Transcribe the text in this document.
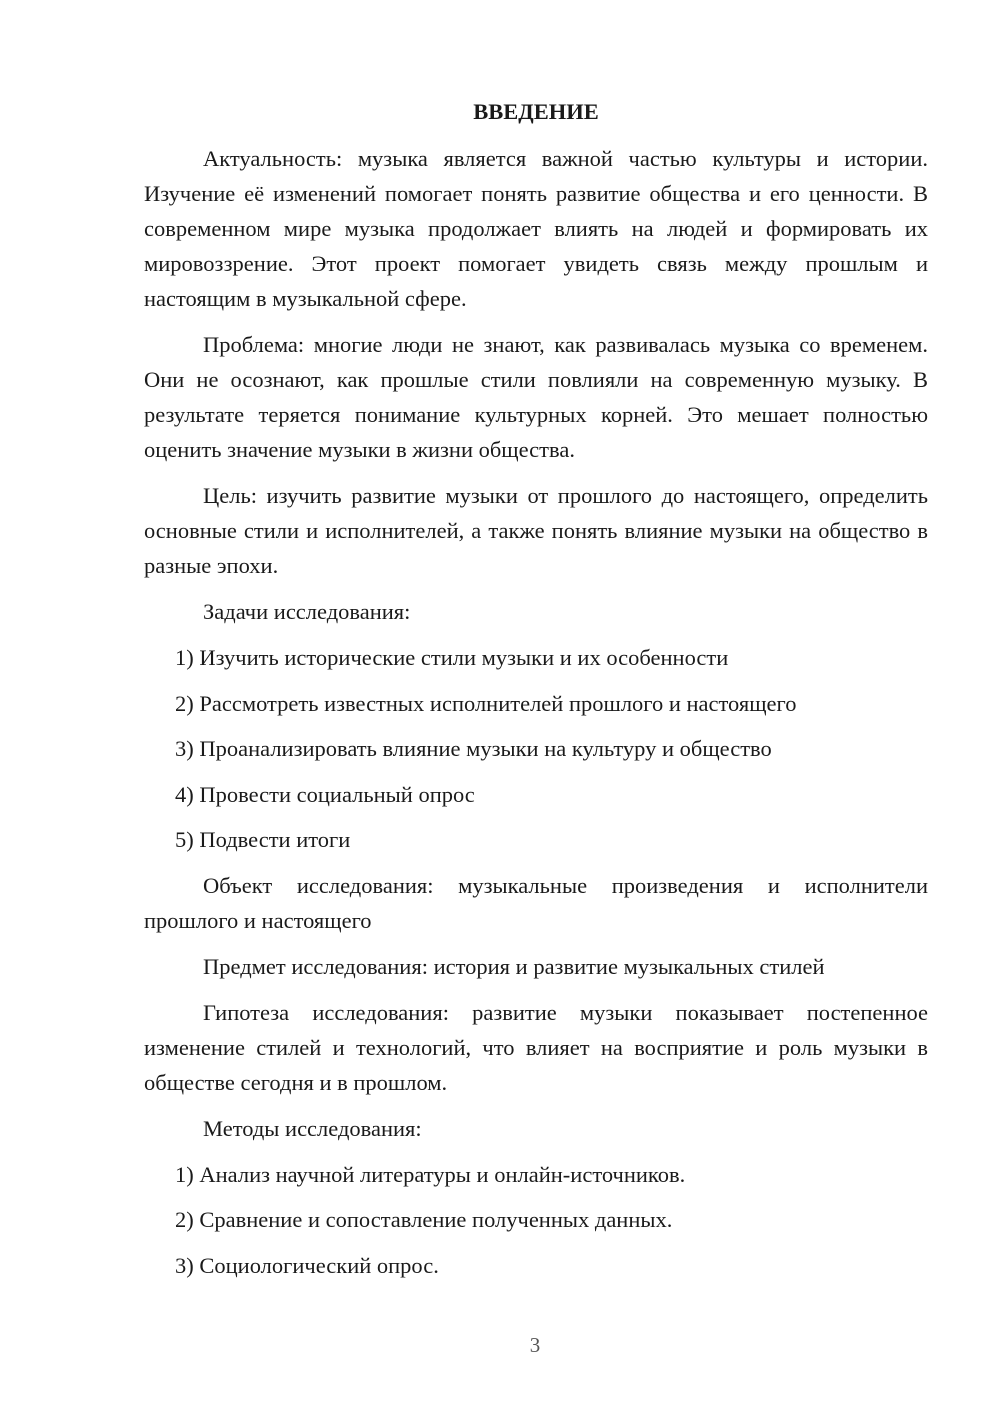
ВВЕДЕНИЕ

Актуальность: музыка является важной частью культуры и истории. Изучение её изменений помогает понять развитие общества и его ценности. В современном мире музыка продолжает влиять на людей и формировать их мировоззрение. Этот проект помогает увидеть связь между прошлым и настоящим в музыкальной сфере.

Проблема: многие люди не знают, как развивалась музыка со временем. Они не осознают, как прошлые стили повлияли на современную музыку. В результате теряется понимание культурных корней. Это мешает полностью оценить значение музыки в жизни общества.

Цель: изучить развитие музыки от прошлого до настоящего, определить основные стили и исполнителей, а также понять влияние музыки на общество в разные эпохи.

Задачи исследования:
1) Изучить исторические стили музыки и их особенности
2) Рассмотреть известных исполнителей прошлого и настоящего
3) Проанализировать влияние музыки на культуру и общество
4) Провести социальный опрос
5) Подвести итоги

Объект исследования: музыкальные произведения и исполнители прошлого и настоящего

Предмет исследования: история и развитие музыкальных стилей

Гипотеза исследования: развитие музыки показывает постепенное изменение стилей и технологий, что влияет на восприятие и роль музыки в обществе сегодня и в прошлом.

Методы исследования:
1) Анализ научной литературы и онлайн-источников.
2) Сравнение и сопоставление полученных данных.
3) Социологический опрос.
3
